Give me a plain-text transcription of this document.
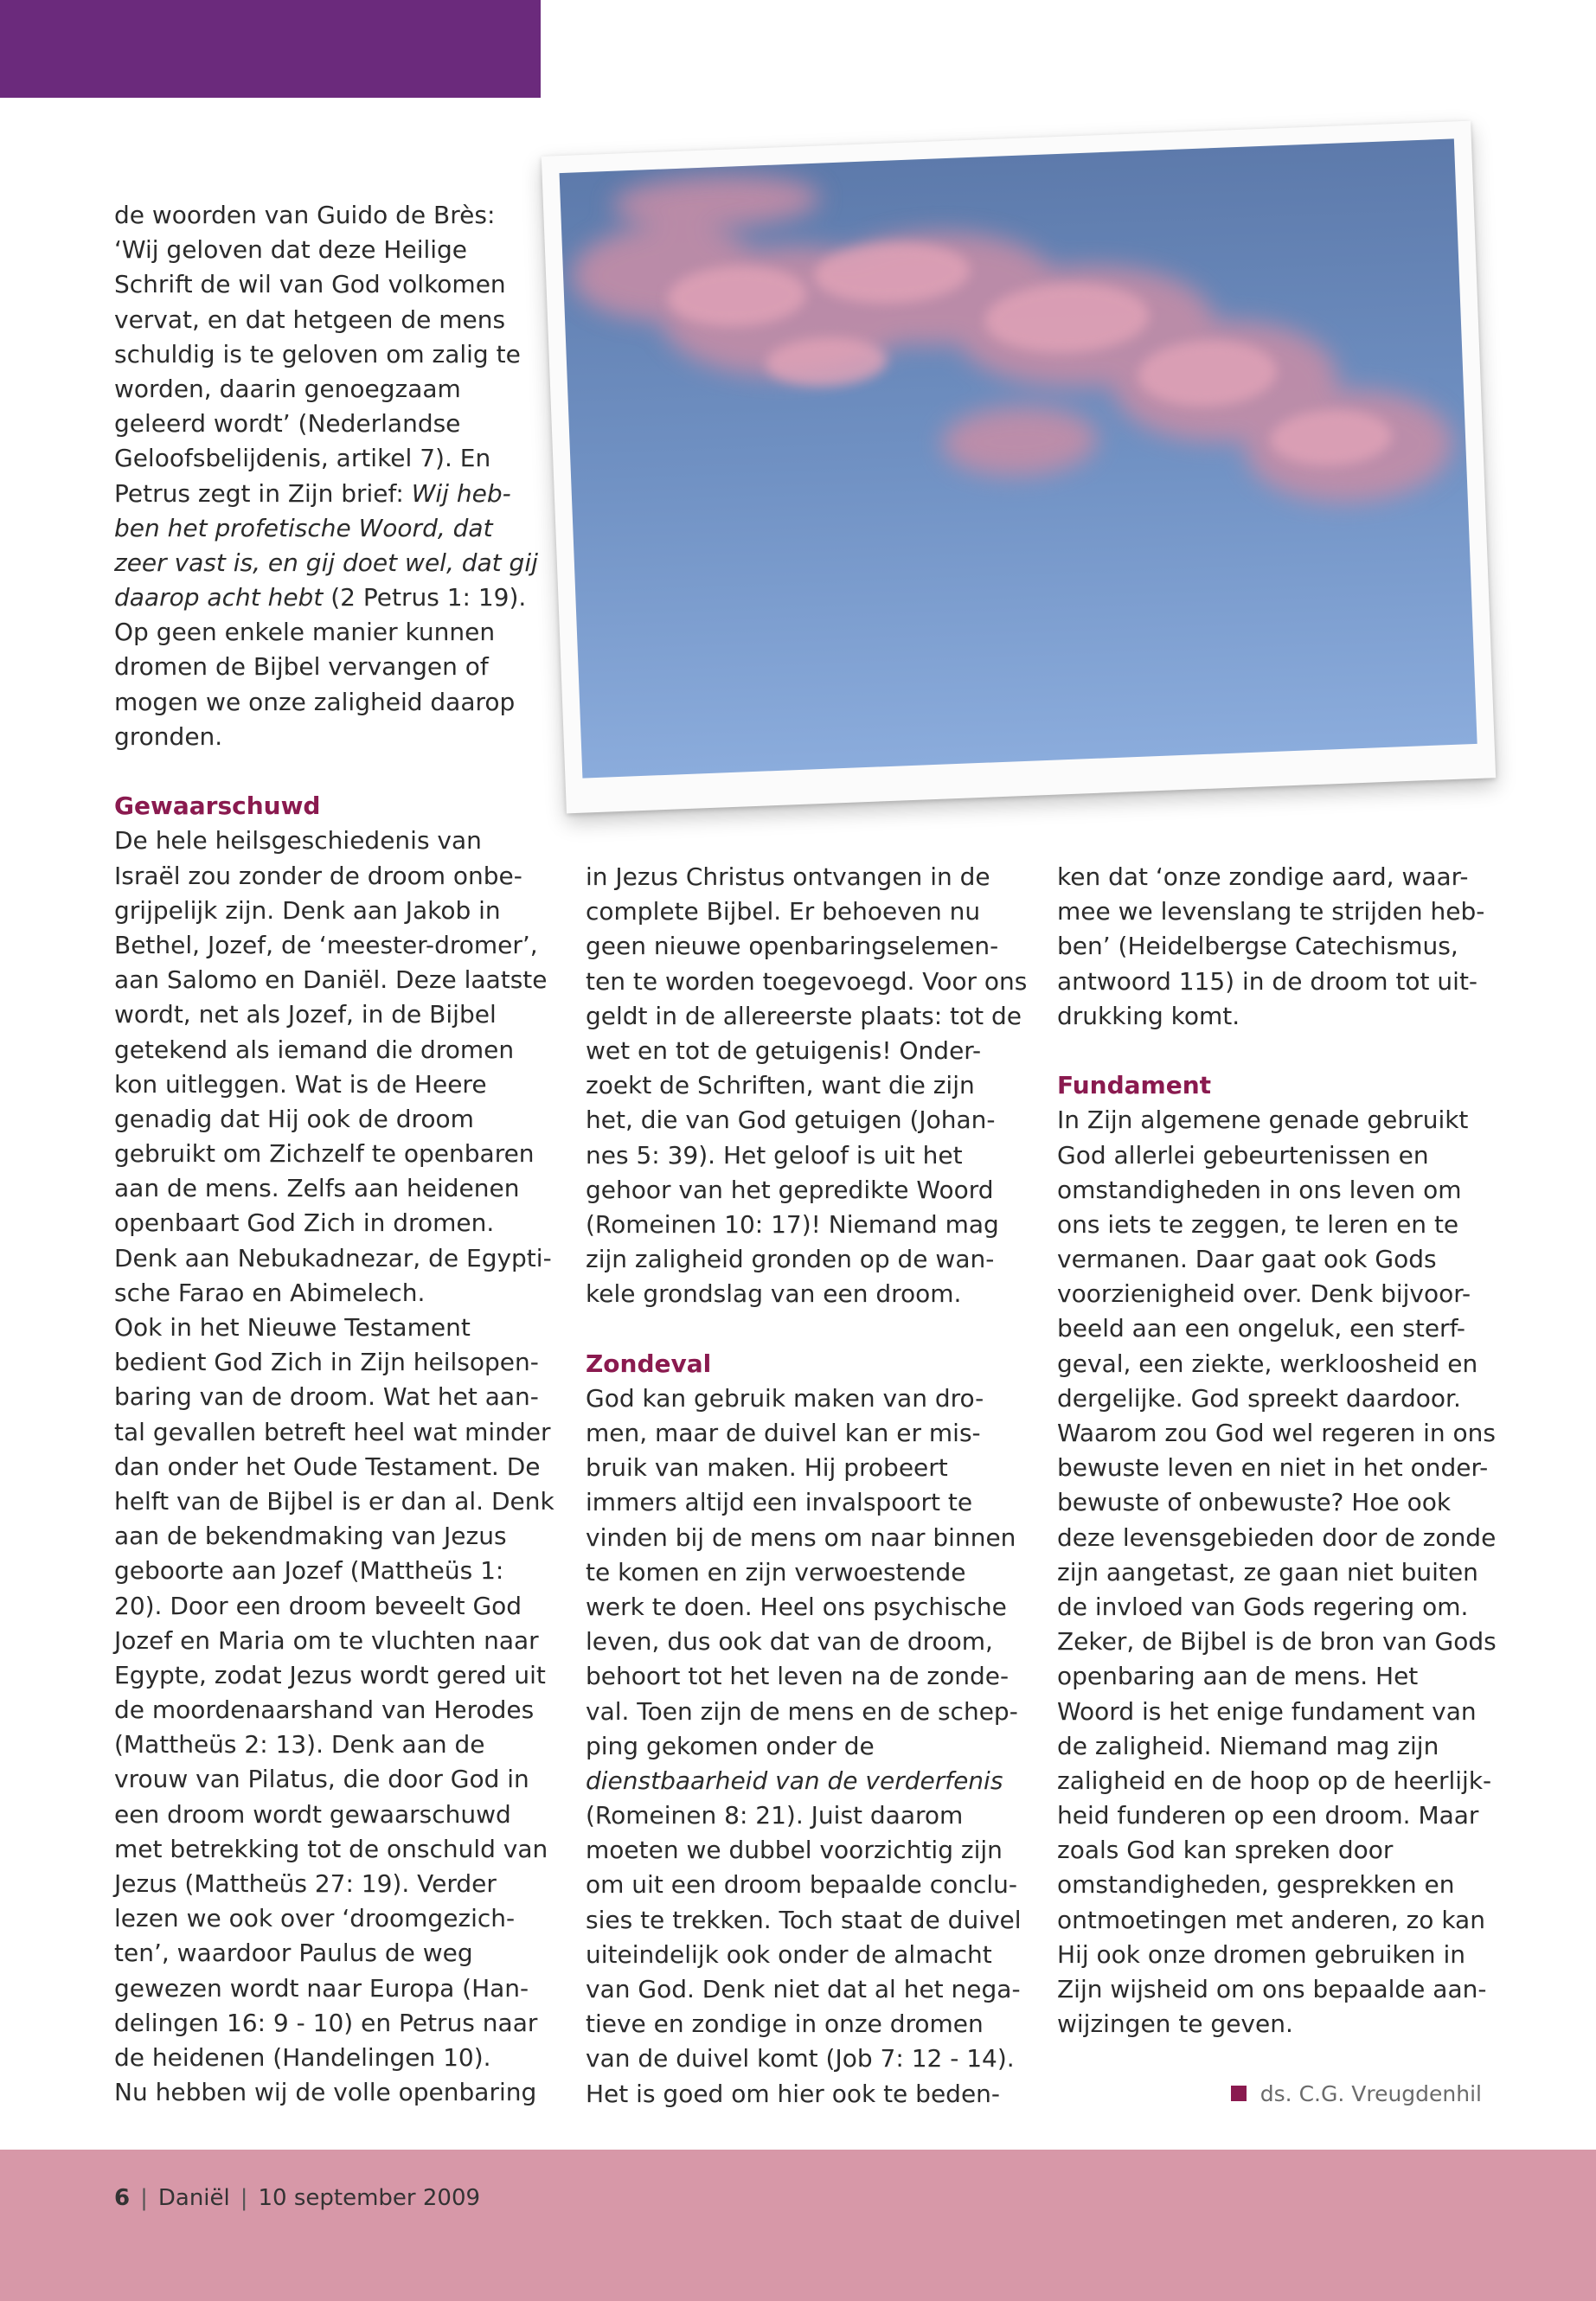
de woorden van Guido de Brès:
‘Wij geloven dat deze Heilige
Schrift de wil van God volkomen
vervat, en dat hetgeen de mens
schuldig is te geloven om zalig te
worden, daarin genoegzaam
geleerd wordt’ (Nederlandse
Geloofsbelijdenis, artikel 7). En
Petrus zegt in Zijn brief: Wij heb-
ben het profetische Woord, dat
zeer vast is, en gij doet wel, dat gij
daarop acht hebt (2 Petrus 1: 19).
Op geen enkele manier kunnen
dromen de Bijbel vervangen of
mogen we onze zaligheid daarop
gronden.
Gewaarschuwd
De hele heilsgeschiedenis van
Israël zou zonder de droom onbe-
grijpelijk zijn. Denk aan Jakob in
Bethel, Jozef, de ‘meester-dromer’,
aan Salomo en Daniël. Deze laatste
wordt, net als Jozef, in de Bijbel
getekend als iemand die dromen
kon uitleggen. Wat is de Heere
genadig dat Hij ook de droom
gebruikt om Zichzelf te openbaren
aan de mens. Zelfs aan heidenen
openbaart God Zich in dromen.
Denk aan Nebukadnezar, de Egypti-
sche Farao en Abimelech.
Ook in het Nieuwe Testament
bedient God Zich in Zijn heilsopen-
baring van de droom. Wat het aan-
tal gevallen betreft heel wat minder
dan onder het Oude Testament. De
helft van de Bijbel is er dan al. Denk
aan de bekendmaking van Jezus
geboorte aan Jozef (Mattheüs 1:
20). Door een droom beveelt God
Jozef en Maria om te vluchten naar
Egypte, zodat Jezus wordt gered uit
de moordenaarshand van Herodes
(Mattheüs 2: 13). Denk aan de
vrouw van Pilatus, die door God in
een droom wordt gewaarschuwd
met betrekking tot de onschuld van
Jezus (Mattheüs 27: 19). Verder
lezen we ook over ‘droomgezich-
ten’, waardoor Paulus de weg
gewezen wordt naar Europa (Han-
delingen 16: 9 - 10) en Petrus naar
de heidenen (Handelingen 10).
Nu hebben wij de volle openbaring
in Jezus Christus ontvangen in de
complete Bijbel. Er behoeven nu
geen nieuwe openbaringselemen-
ten te worden toegevoegd. Voor ons
geldt in de allereerste plaats: tot de
wet en tot de getuigenis! Onder-
zoekt de Schriften, want die zijn
het, die van God getuigen (Johan-
nes 5: 39). Het geloof is uit het
gehoor van het gepredikte Woord
(Romeinen 10: 17)! Niemand mag
zijn zaligheid gronden op de wan-
kele grondslag van een droom.
Zondeval
God kan gebruik maken van dro-
men, maar de duivel kan er mis-
bruik van maken. Hij probeert
immers altijd een invalspoort te
vinden bij de mens om naar binnen
te komen en zijn verwoestende
werk te doen. Heel ons psychische
leven, dus ook dat van de droom,
behoort tot het leven na de zonde-
val. Toen zijn de mens en de schep-
ping gekomen onder de
dienstbaarheid van de verderfenis
(Romeinen 8: 21). Juist daarom
moeten we dubbel voorzichtig zijn
om uit een droom bepaalde conclu-
sies te trekken. Toch staat de duivel
uiteindelijk ook onder de almacht
van God. Denk niet dat al het nega-
tieve en zondige in onze dromen
van de duivel komt (Job 7: 12 - 14).
Het is goed om hier ook te beden-
ken dat ‘onze zondige aard, waar-
mee we levenslang te strijden heb-
ben’ (Heidelbergse Catechismus,
antwoord 115) in de droom tot uit-
drukking komt.
Fundament
In Zijn algemene genade gebruikt
God allerlei gebeurtenissen en
omstandigheden in ons leven om
ons iets te zeggen, te leren en te
vermanen. Daar gaat ook Gods
voorzienigheid over. Denk bijvoor-
beeld aan een ongeluk, een sterf-
geval, een ziekte, werkloosheid en
dergelijke. God spreekt daardoor.
Waarom zou God wel regeren in ons
bewuste leven en niet in het onder-
bewuste of onbewuste? Hoe ook
deze levensgebieden door de zonde
zijn aangetast, ze gaan niet buiten
de invloed van Gods regering om.
Zeker, de Bijbel is de bron van Gods
openbaring aan de mens. Het
Woord is het enige fundament van
de zaligheid. Niemand mag zijn
zaligheid en de hoop op de heerlijk-
heid funderen op een droom. Maar
zoals God kan spreken door
omstandigheden, gesprekken en
ontmoetingen met anderen, zo kan
Hij ook onze dromen gebruiken in
Zijn wijsheid om ons bepaalde aan-
wijzingen te geven.
ds. C.G. Vreugdenhil
6 | Daniël | 10 september 2009
